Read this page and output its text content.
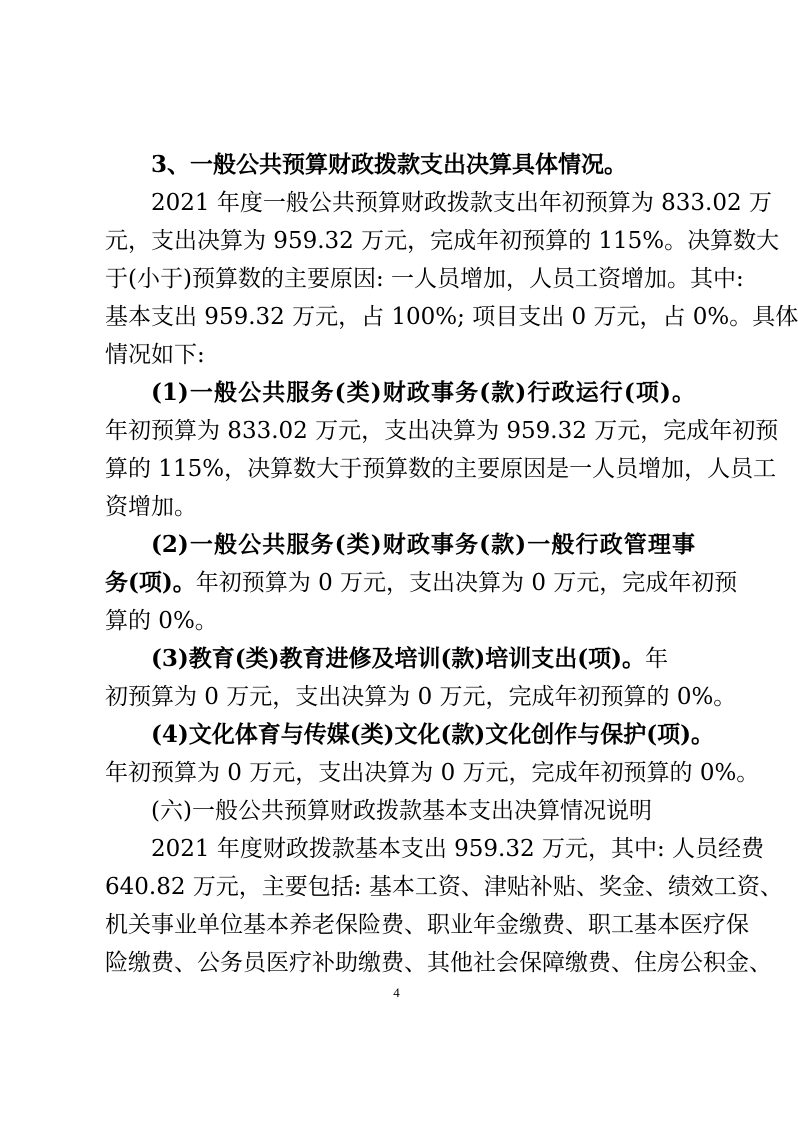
3、一般公共预算财政拨款支出决算具体情况。
2021 年度一般公共预算财政拨款支出年初预算为 833.02 万
元，支出决算为 959.32 万元，完成年初预算的 115%。决算数大
于(小于)预算数的主要原因: 一人员增加，人员工资增加。其中:
基本支出 959.32 万元，占 100%; 项目支出 0 万元，占 0%。具体
情况如下:
(1)一般公共服务(类)财政事务(款)行政运行(项)。
年初预算为 833.02 万元，支出决算为 959.32 万元，完成年初预
算的 115%，决算数大于预算数的主要原因是一人员增加，人员工
资增加。
(2)一般公共服务(类)财政事务(款)一般行政管理事
务(项)。年初预算为 0 万元，支出决算为 0 万元，完成年初预
算的 0%。
(3)教育(类)教育进修及培训(款)培训支出(项)。年
初预算为 0 万元，支出决算为 0 万元，完成年初预算的 0%。
(4)文化体育与传媒(类)文化(款)文化创作与保护(项)。
年初预算为 0 万元，支出决算为 0 万元，完成年初预算的 0%。
(六)一般公共预算财政拨款基本支出决算情况说明
2021 年度财政拨款基本支出 959.32 万元，其中: 人员经费
640.82 万元，主要包括: 基本工资、津贴补贴、奖金、绩效工资、
机关事业单位基本养老保险费、职业年金缴费、职工基本医疗保
险缴费、公务员医疗补助缴费、其他社会保障缴费、住房公积金、
4
